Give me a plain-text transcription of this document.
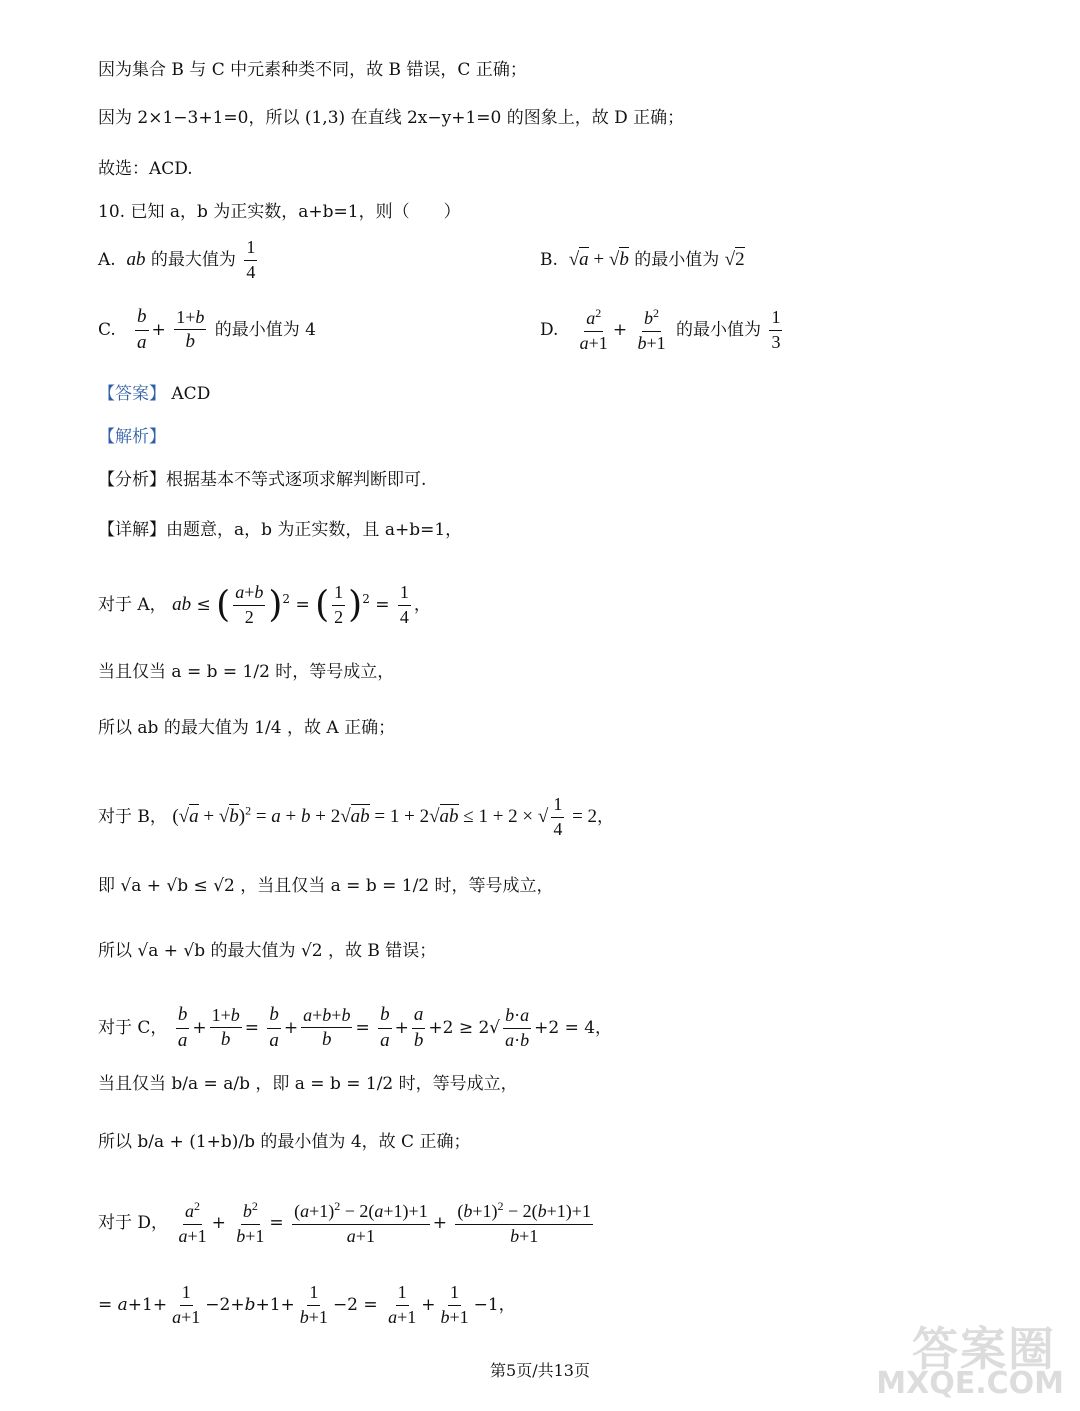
因为集合 B 与 C 中元素种类不同，故 B 错误，C 正确；
因为 2×1−3+1=0，所以 (1,3) 在直线 2x−y+1=0 的图象上，故 D 正确；
故选：ACD.
10. 已知 a，b 为正实数，a+b=1，则（　　）
A.  ab 的最大值为 $\frac{1}{4}$	B.  √a + √b 的最小值为 √2
C. $\frac{b}{a} + \frac{1+b}{b}$ 的最小值为 4	D. $\frac{a^2}{a+1} + \frac{b^2}{b+1}$ 的最小值为 $\frac{1}{3}$
【答案】 ACD
【解析】
【分析】根据基本不等式逐项求解判断即可.
【详解】由题意，a，b 为正实数，且 a+b=1，
对于 A， ab ≤ ( $\frac{a+b}{2} )^2$ = ( $\frac{1}{2} )^2 = \frac{1}{4}$ ，
当且仅当 a = b = 1/2 时，等号成立，
所以 ab 的最大值为 1/4 ，故 A 正确；
对于 B， $(√a + √b)^2 = a + b + 2√ab = 1 + 2√ab \le 1 + 2$ × √ $\frac{1}{4} = 2$，
即 √a + √b ≤ √2 ，当且仅当 a = b = 1/2 时，等号成立，
所以 √a + √b 的最大值为 √2 ，故 B 错误；
对于 C， $\frac{b}{a} + \frac{1+b}{b} = \frac{b}{a} + \frac{a+b+b}{b} = \frac{b}{a} + \frac{a}{b} +2 \ge 2√ \frac{b\cdot a}{a\cdot b} +2 = 4$，
当且仅当 b/a = a/b ，即 a = b = 1/2 时，等号成立，
所以 b/a + (1+b)/b 的最小值为 4，故 C 正确；
对于 D， $\frac{a^2}{a+1} + \frac{b^2}{b+1} = \frac{(a+1)^2 - 2(a+1)+1}{a+1} + \frac{(b+1)^2 - 2(b+1)+1}{b+1}$
= $a+1+ \frac{1}{a+1} -2+b+1+ \frac{1}{b+1} -2 = \frac{1}{a+1} + \frac{1}{b+1} -1$，
第5页/共13页	答案圈
MXQE.COM
